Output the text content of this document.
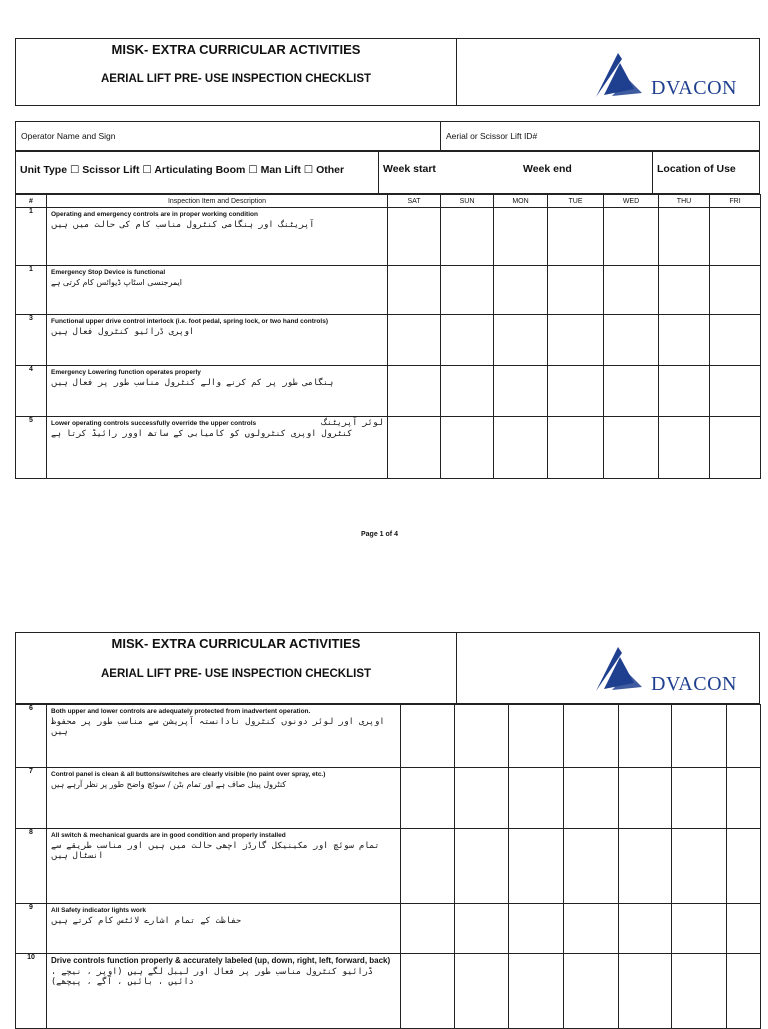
MISK- EXTRA CURRICULAR ACTIVITIES
AERIAL LIFT PRE- USE INSPECTION CHECKLIST	DVACON
Operator Name and Sign	Aerial or Scissor Lift ID#
Unit Type ☐ Scissor Lift ☐ Articulating Boom ☐ Man Lift ☐ Other	Week start	Week end	Location of Use
#	Inspection Item and Description	SAT	SUN	MON	TUE	WED	THU	FRI
1	Operating and emergency controls are in proper working condition
آپریٹنگ اور ہنگامی کنٹرول مناسب کام کی حالت میں ہیں							

1	Emergency Stop Device is functional
ایمرجنسی اسٹاپ ڈیوائس کام کرتی ہے							

3	Functional upper drive control interlock (i.e. foot pedal, spring lock, or two hand controls)
اوپری ڈرائیو کنٹرول فعال ہیں							

4	Emergency Lowering function operates properly
ہنگامی طور پر کم کرنے والے کنٹرول مناسب طور پر فعال ہیں							

5	Lower operating controls successfully override the upper controls لوئر آپریٹنگ
کنٹرول اوپری کنٹرولوں کو کامیابی کے ساتھ اوور رائیڈ کرتا ہے							

Page 1 of 4
MISK- EXTRA CURRICULAR ACTIVITIES
AERIAL LIFT PRE- USE INSPECTION CHECKLIST	DVACON
6	Both upper and lower controls are adequately protected from inadvertent operation.
اوپری اور لوئر دونوں کنٹرول نادانستہ آپریشن سے مناسب طور پر محفوظ ہیں							

7	Control panel is clean & all buttons/switches are clearly visible (no paint over spray, etc.)
کنٹرول پینل صاف ہے اور تمام بٹن / سوئچ واضح طور پر نظر آرہے ہیں							

8	All switch & mechanical guards are in good condition and properly installed
تمام سوئچ اور مکینیکل گارڈز اچھی حالت میں ہیں اور مناسب طریقے سے انسٹال ہیں							

9	All Safety indicator lights work
حفاظت کے تمام اشارے لائٹس کام کرتے ہیں							

10	Drive controls function properly & accurately labeled (up, down, right, left, forward, back)
ڈرائیو کنٹرول مناسب طور پر فعال اور لیبل لگے ہیں (اوپر ، نیچے ، دائیں ، بائیں ، آگے ، پیچھے)							
